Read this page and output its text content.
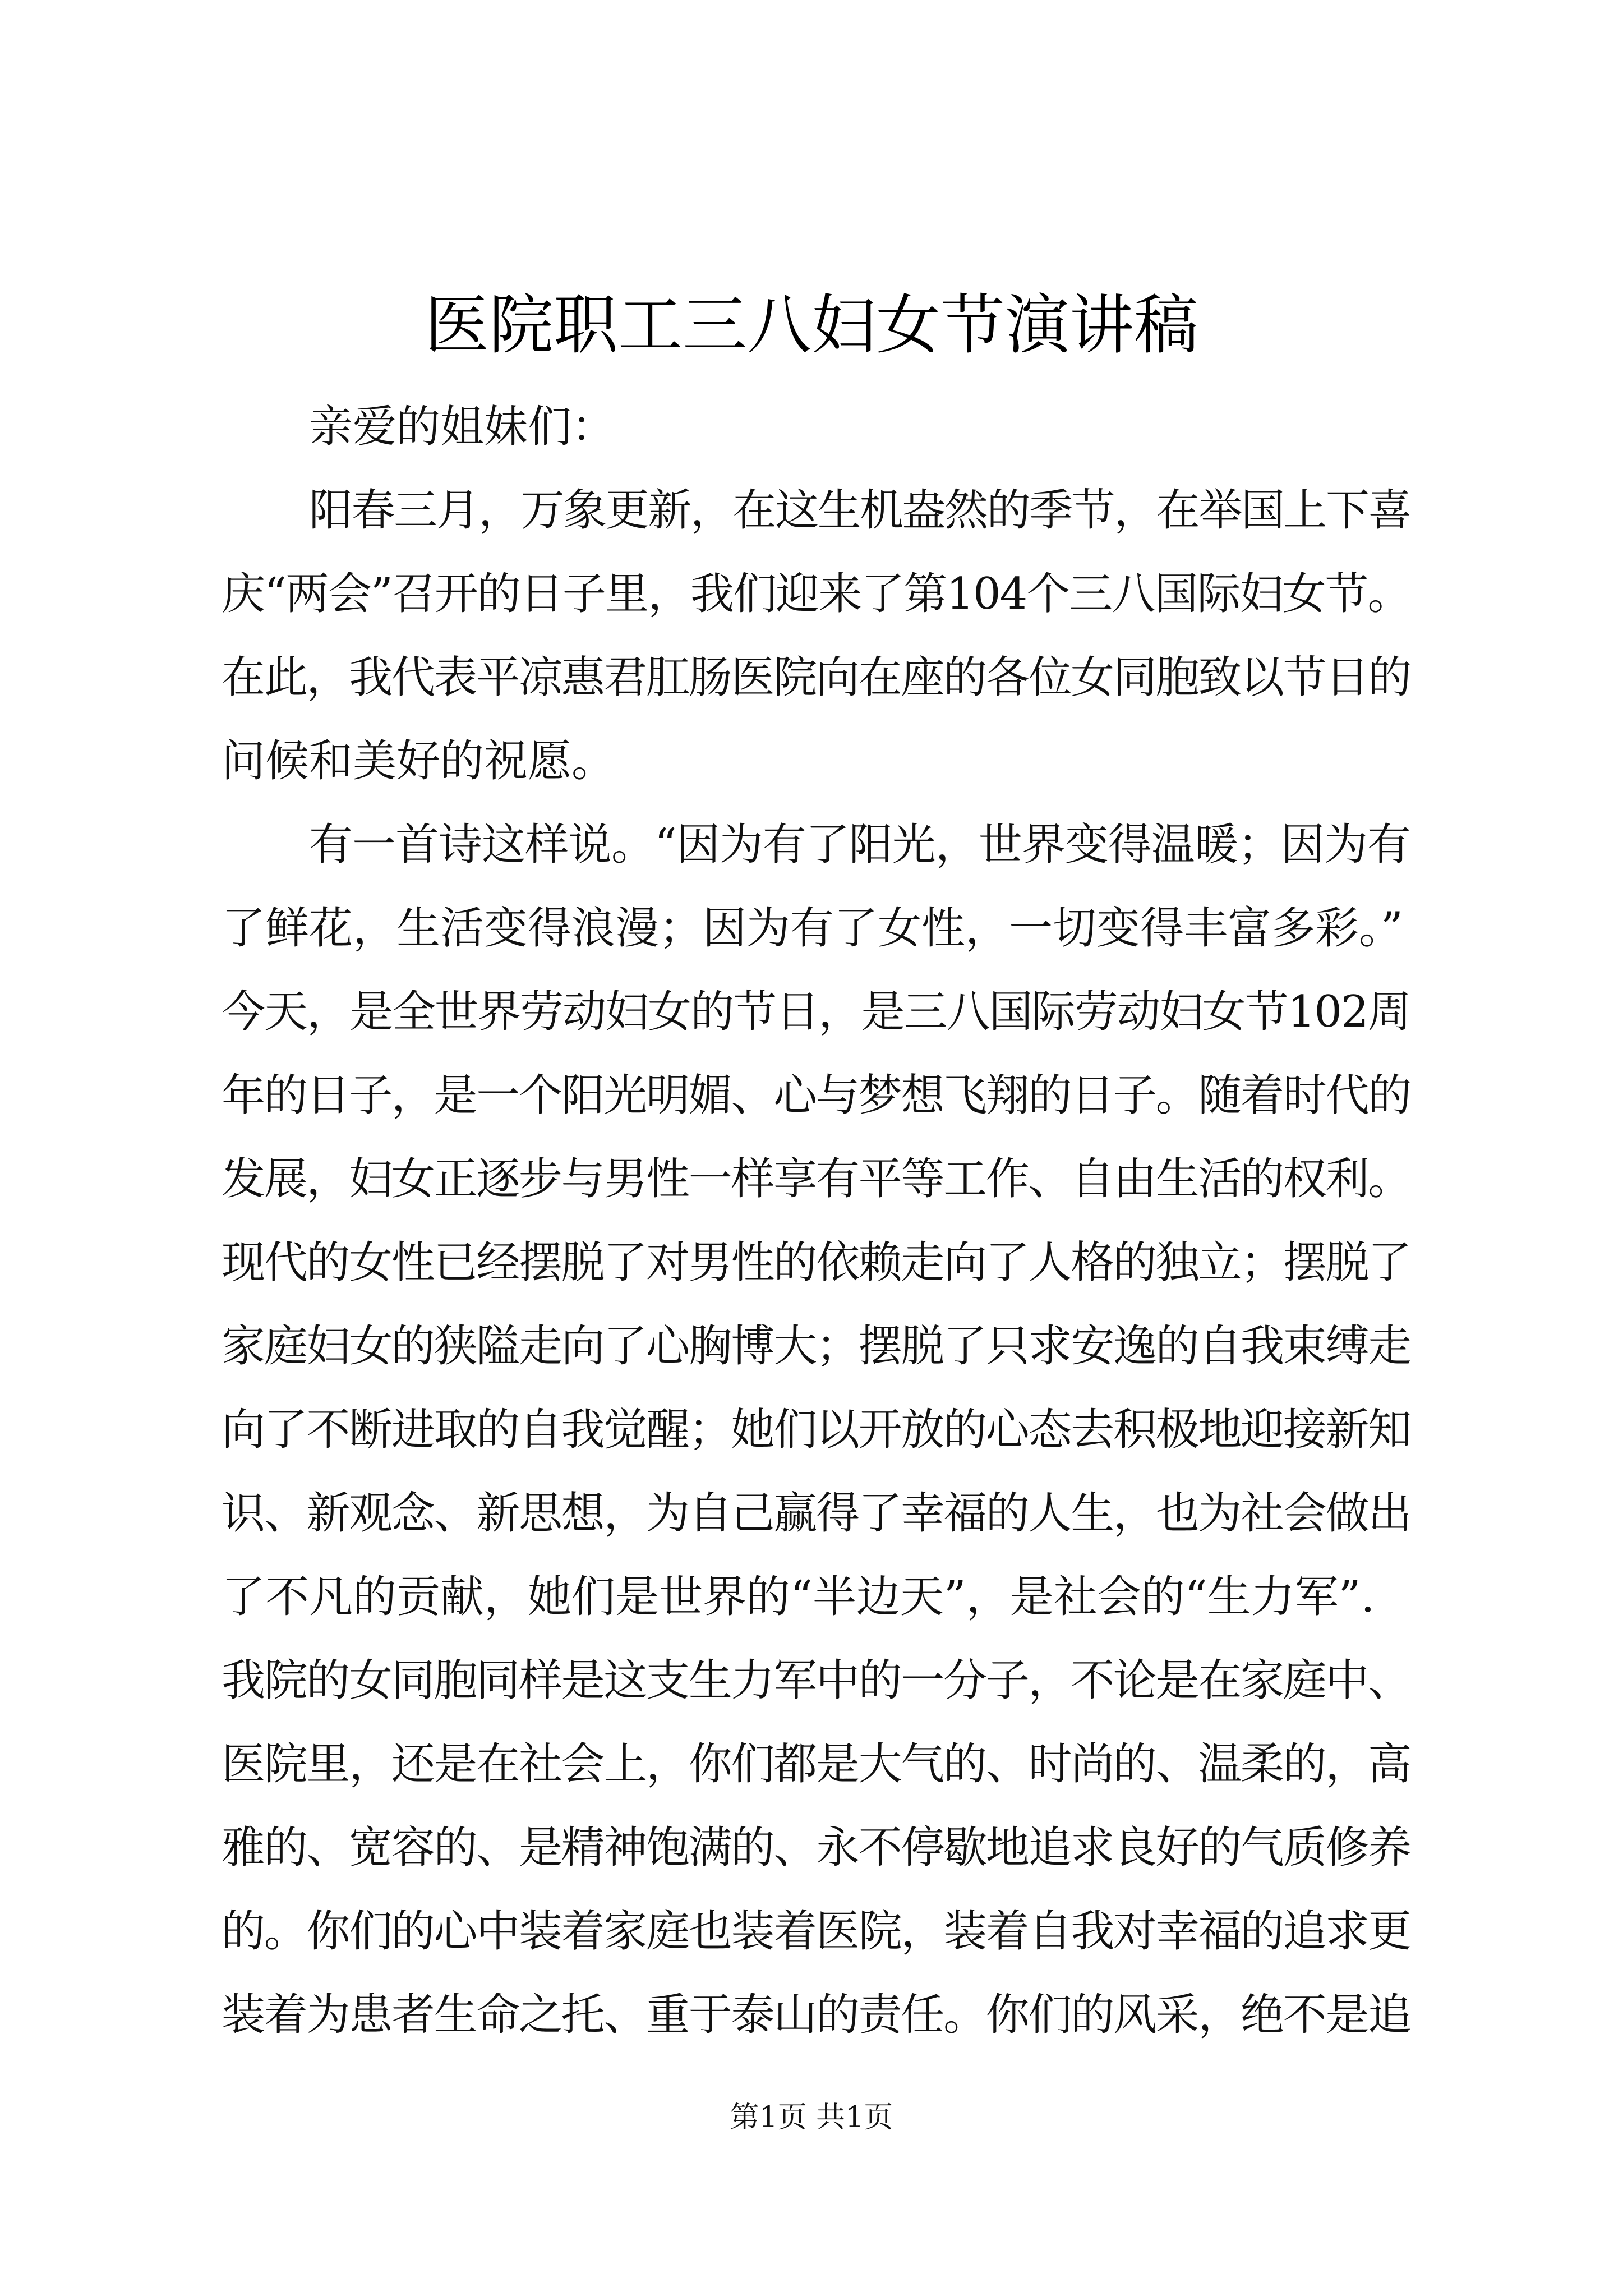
医院职工三八妇女节演讲稿
亲爱的姐妹们：
阳春三月，万象更新，在这生机盎然的季节，在举国上下喜
庆“两会”召开的日子里，我们迎来了第104个三八国际妇女节。
在此，我代表平凉惠君肛肠医院向在座的各位女同胞致以节日的
问候和美好的祝愿。
有一首诗这样说。“因为有了阳光，世界变得温暖；因为有
了鲜花，生活变得浪漫；因为有了女性，一切变得丰富多彩。”
今天，是全世界劳动妇女的节日，是三八国际劳动妇女节102周
年的日子，是一个阳光明媚、心与梦想飞翔的日子。随着时代的
发展，妇女正逐步与男性一样享有平等工作、自由生活的权利。
现代的女性已经摆脱了对男性的依赖走向了人格的独立；摆脱了
家庭妇女的狭隘走向了心胸博大；摆脱了只求安逸的自我束缚走
向了不断进取的自我觉醒；她们以开放的心态去积极地迎接新知
识、新观念、新思想，为自己赢得了幸福的人生，也为社会做出
了不凡的贡献，她们是世界的“半边天”，是社会的“生力军”.
我院的女同胞同样是这支生力军中的一分子，不论是在家庭中、
医院里，还是在社会上，你们都是大气的、时尚的、温柔的，高
雅的、宽容的、是精神饱满的、永不停歇地追求良好的气质修养
的。你们的心中装着家庭也装着医院，装着自我对幸福的追求更
装着为患者生命之托、重于泰山的责任。你们的风采，绝不是追
第1页 共1页
